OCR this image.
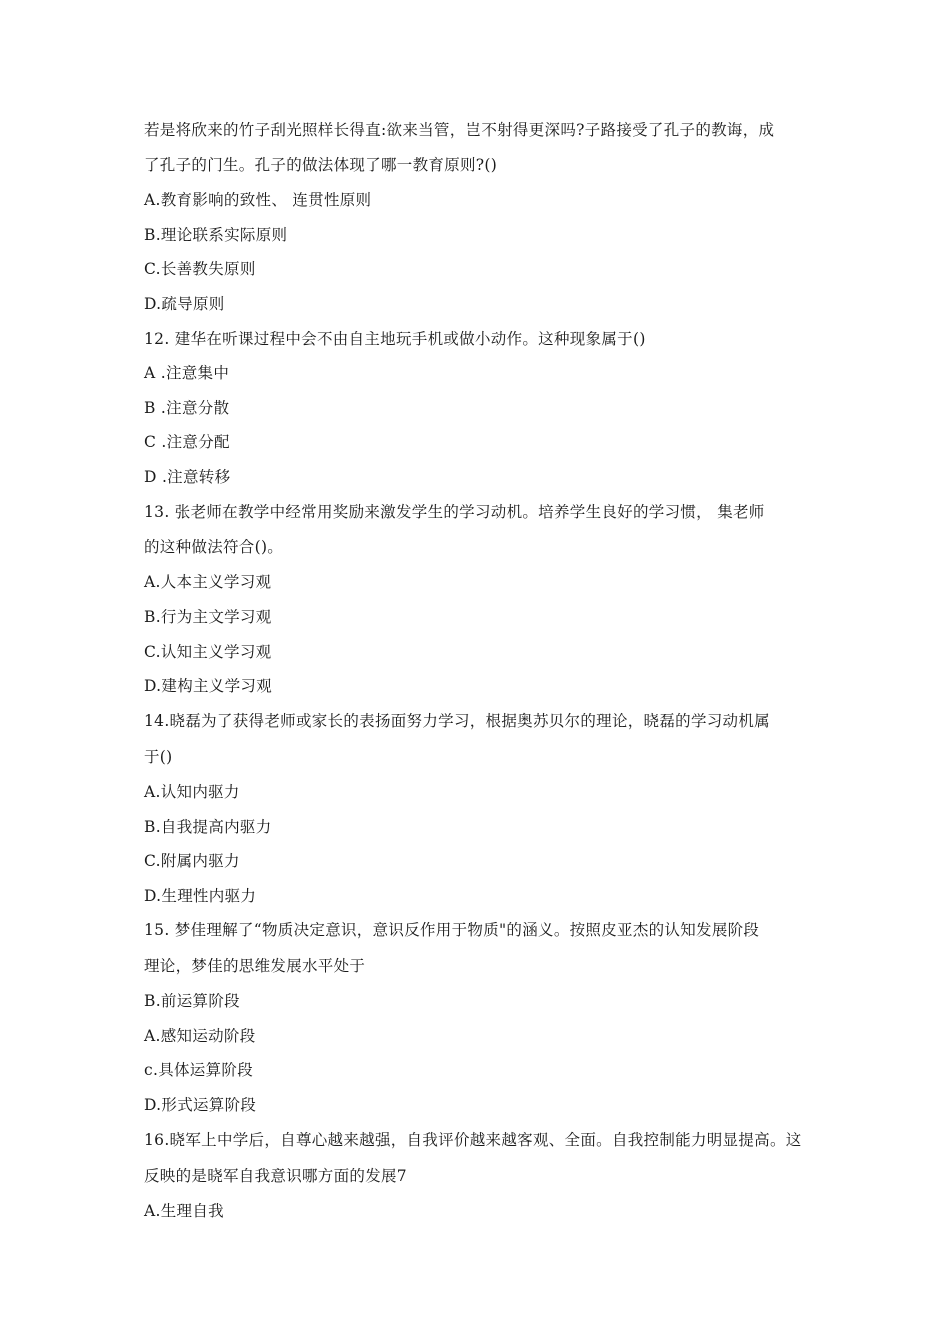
若是将欣来的竹子刮光照样长得直:欲来当管，岂不射得更深吗?子路接受了孔子的教诲，成
了孔子的门生。孔子的做法体现了哪一教育原则?()
A.教育影响的致性、 连贯性原则
B.理论联系实际原则
C.长善教失原则
D.疏导原则
12. 建华在听课过程中会不由自主地玩手机或做小动作。这种现象属于()
A .注意集中
B .注意分散
C .注意分配
D .注意转移
13. 张老师在教学中经常用奖励来激发学生的学习动机。培养学生良好的学习惯， 集老师
的这种做法符合()。
A.人本主义学习观
B.行为主文学习观
C.认知主义学习观
D.建构主义学习观
14.晓磊为了获得老师或家长的表扬面努力学习，根据奥苏贝尔的理论，晓磊的学习动机属
于()
A.认知内驱力
B.自我提高内驱力
C.附属内驱力
D.生理性内驱力
15. 梦佳理解了“物质决定意识，意识反作用于物质"的涵义。按照皮亚杰的认知发展阶段
理论，梦佳的思维发展水平处于
B.前运算阶段
A.感知运动阶段
c.具体运算阶段
D.形式运算阶段
16.晓军上中学后，自尊心越来越强，自我评价越来越客观、全面。自我控制能力明显提高。这
反映的是晓军自我意识哪方面的发展7
A.生理自我
